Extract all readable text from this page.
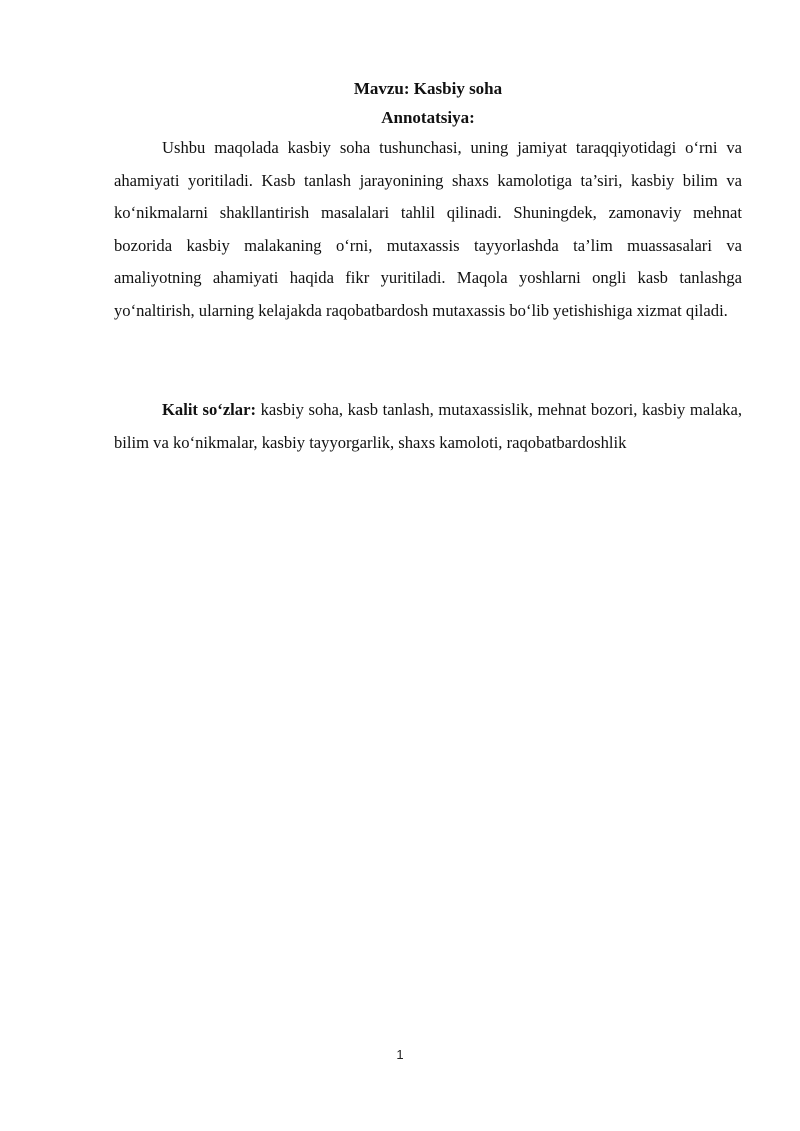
Mavzu: Kasbiy soha

Annotatsiya:

Ushbu maqolada kasbiy soha tushunchasi, uning jamiyat taraqqiyotidagi o‘rni va ahamiyati yoritiladi. Kasb tanlash jarayonining shaxs kamolotiga ta’siri, kasbiy bilim va ko‘nikmalarni shakllantirish masalalari tahlil qilinadi. Shuningdek, zamonaviy mehnat bozorida kasbiy malakaning o‘rni, mutaxassis tayyorlashda ta’lim muassasalari va amaliyotning ahamiyati haqida fikr yuritiladi. Maqola yoshlarni ongli kasb tanlashga yo‘naltirish, ularning kelajakda raqobatbardosh mutaxassis bo‘lib yetishishiga xizmat qiladi.

Kalit so‘zlar: kasbiy soha, kasb tanlash, mutaxassislik, mehnat bozori, kasbiy malaka, bilim va ko‘nikmalar, kasbiy tayyorgarlik, shaxs kamoloti, raqobatbardoshlik

1
